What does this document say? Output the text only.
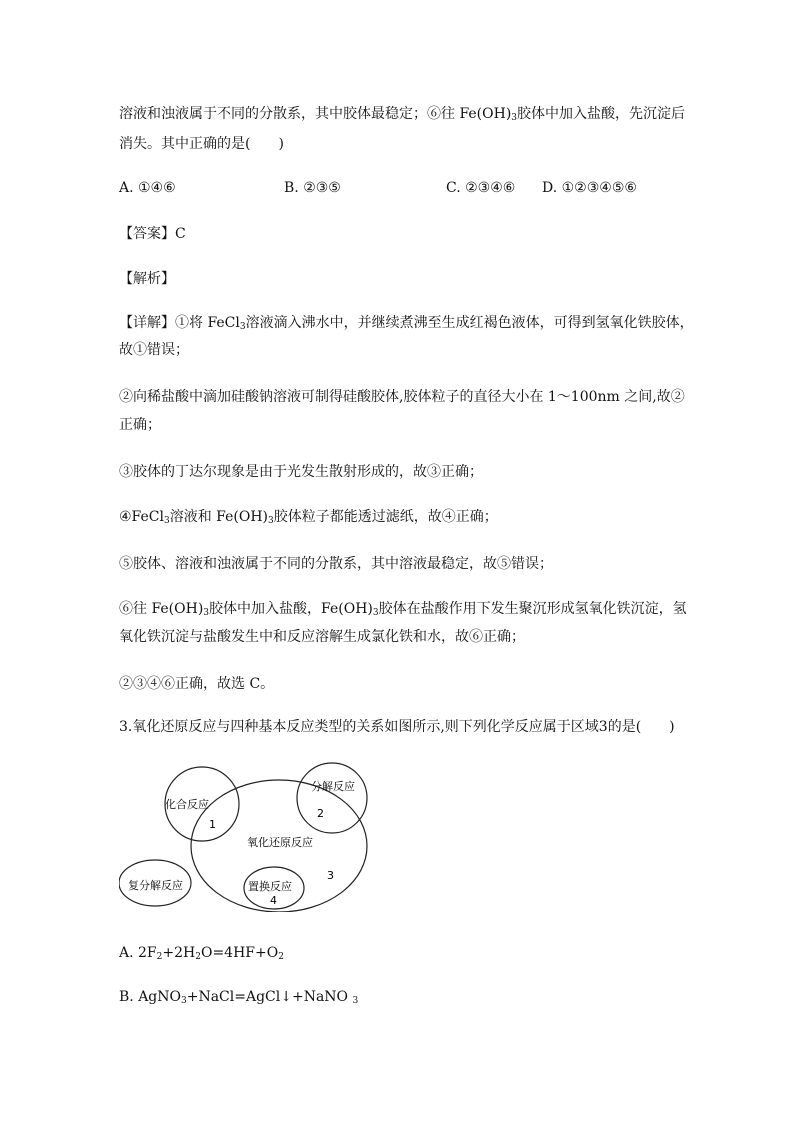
溶液和浊液属于不同的分散系，其中胶体最稳定；⑥往 $Fe(OH)_3$胶体中加入盐酸，先沉淀后
消失。其中正确的是(　　)
A. ①④⑥	B. ②③⑤	C. ②③④⑥ D. ①②③④⑤⑥
【答案】C
【解析】
【详解】①将 FeCl$_3$溶液滴入沸水中，并继续煮沸至生成红褐色液体，可得到氢氧化铁胶体，
故①错误；
②向稀盐酸中滴加硅酸钠溶液可制得硅酸胶体,胶体粒子的直径大小在 1～100nm 之间,故②
正确；
③胶体的丁达尔现象是由于光发生散射形成的，故③正确；
④FeCl$_3$溶液和 $Fe(OH)_3$胶体粒子都能透过滤纸，故④正确；
⑤胶体、溶液和浊液属于不同的分散系，其中溶液最稳定，故⑤错误；
⑥往 $Fe(OH)_3$胶体中加入盐酸，$Fe(OH)_3$胶体在盐酸作用下发生聚沉形成氢氧化铁沉淀，氢
氧化铁沉淀与盐酸发生中和反应溶解生成氯化铁和水，故⑥正确；
②③④⑥正确，故选 C。
3.氧化还原反应与四种基本反应类型的关系如图所示,则下列化学反应属于区域3的是(　　)
化合反应
分解反应
氧化还原反应
复分解反应	置换反应
1
2
3
4
A. $2F_2+2H_2O=4HF+O_2$
B. AgNO$_3$+NaCl=AgCl↓+NaNO $_3$
